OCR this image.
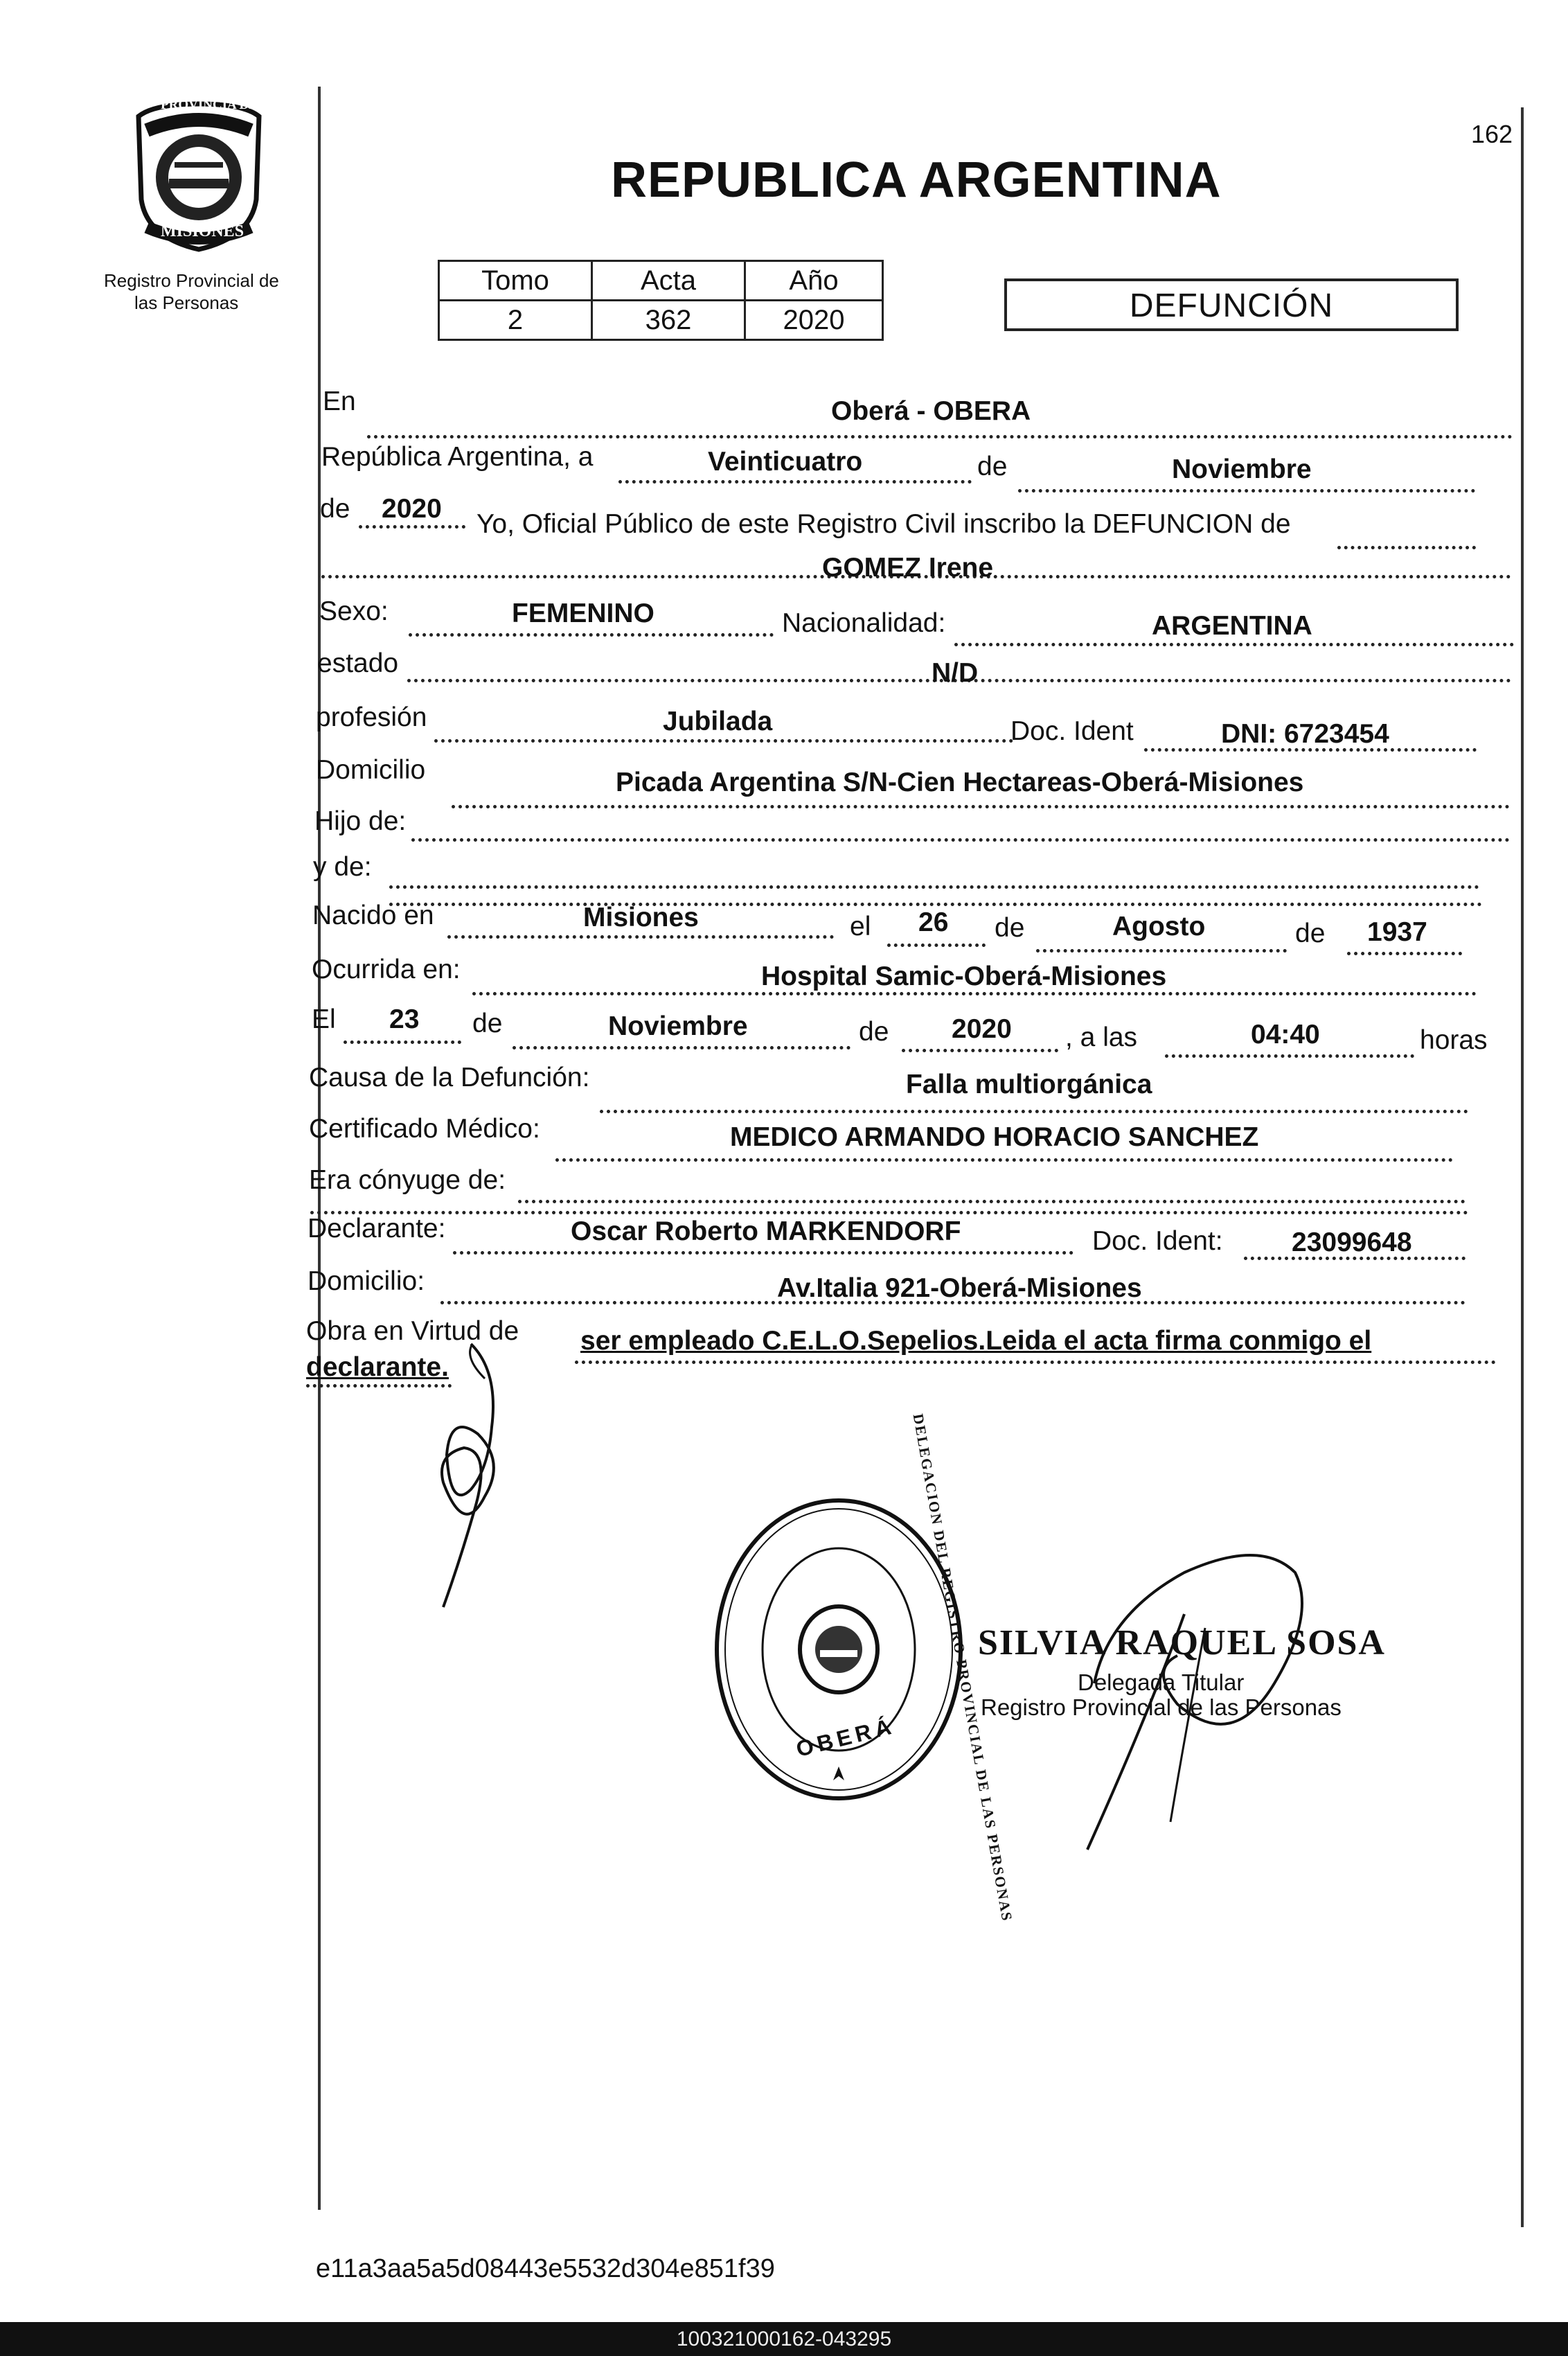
162
PROVINCIA DE
MISIONES
Registro Provincial de
las Personas
REPUBLICA ARGENTINA
Tomo	Acta	Año
2	362	2020	DEFUNCIÓN
En	Oberá - OBERA
República Argentina, a	Veinticuatro	de	Noviembre
de 2020
Yo, Oficial Público de este Registro Civil inscribo la DEFUNCION de
GOMEZ Irene
Sexo:	FEMENINO	Nacionalidad:	ARGENTINA
estado	N/D
profesión	Jubilada	Doc. Ident	DNI: 6723454
Domicilio	Picada Argentina S/N-Cien Hectareas-Oberá-Misiones
Hijo de:
y de:
Nacido en	Misiones	el 26 de	Agosto	de 1937
Ocurrida en:	Hospital Samic-Oberá-Misiones
El 23 de	Noviembre	de 2020 , a las	04:40	horas
Causa de la Defunción:	Falla multiorgánica
Certificado Médico:	MEDICO ARMANDO HORACIO SANCHEZ
Era cónyuge de:
Declarante:	Oscar Roberto MARKENDORF	Doc. Ident:	23099648
Domicilio:	Av.Italia 921-Oberá-Misiones
Obra en Virtud de ser empleado C.E.L.O.Sepelios.Leida el acta firma conmigo el
declarante.
DELEGACION DEL REGISTRO PROVINCIAL DE LAS PERSONAS
OBERÁ
SILVIA RAQUEL SOSA
Delegada Titular
Registro Provincial de las Personas
e11a3aa5a5d08443e5532d304e851f39
100321000162-043295
